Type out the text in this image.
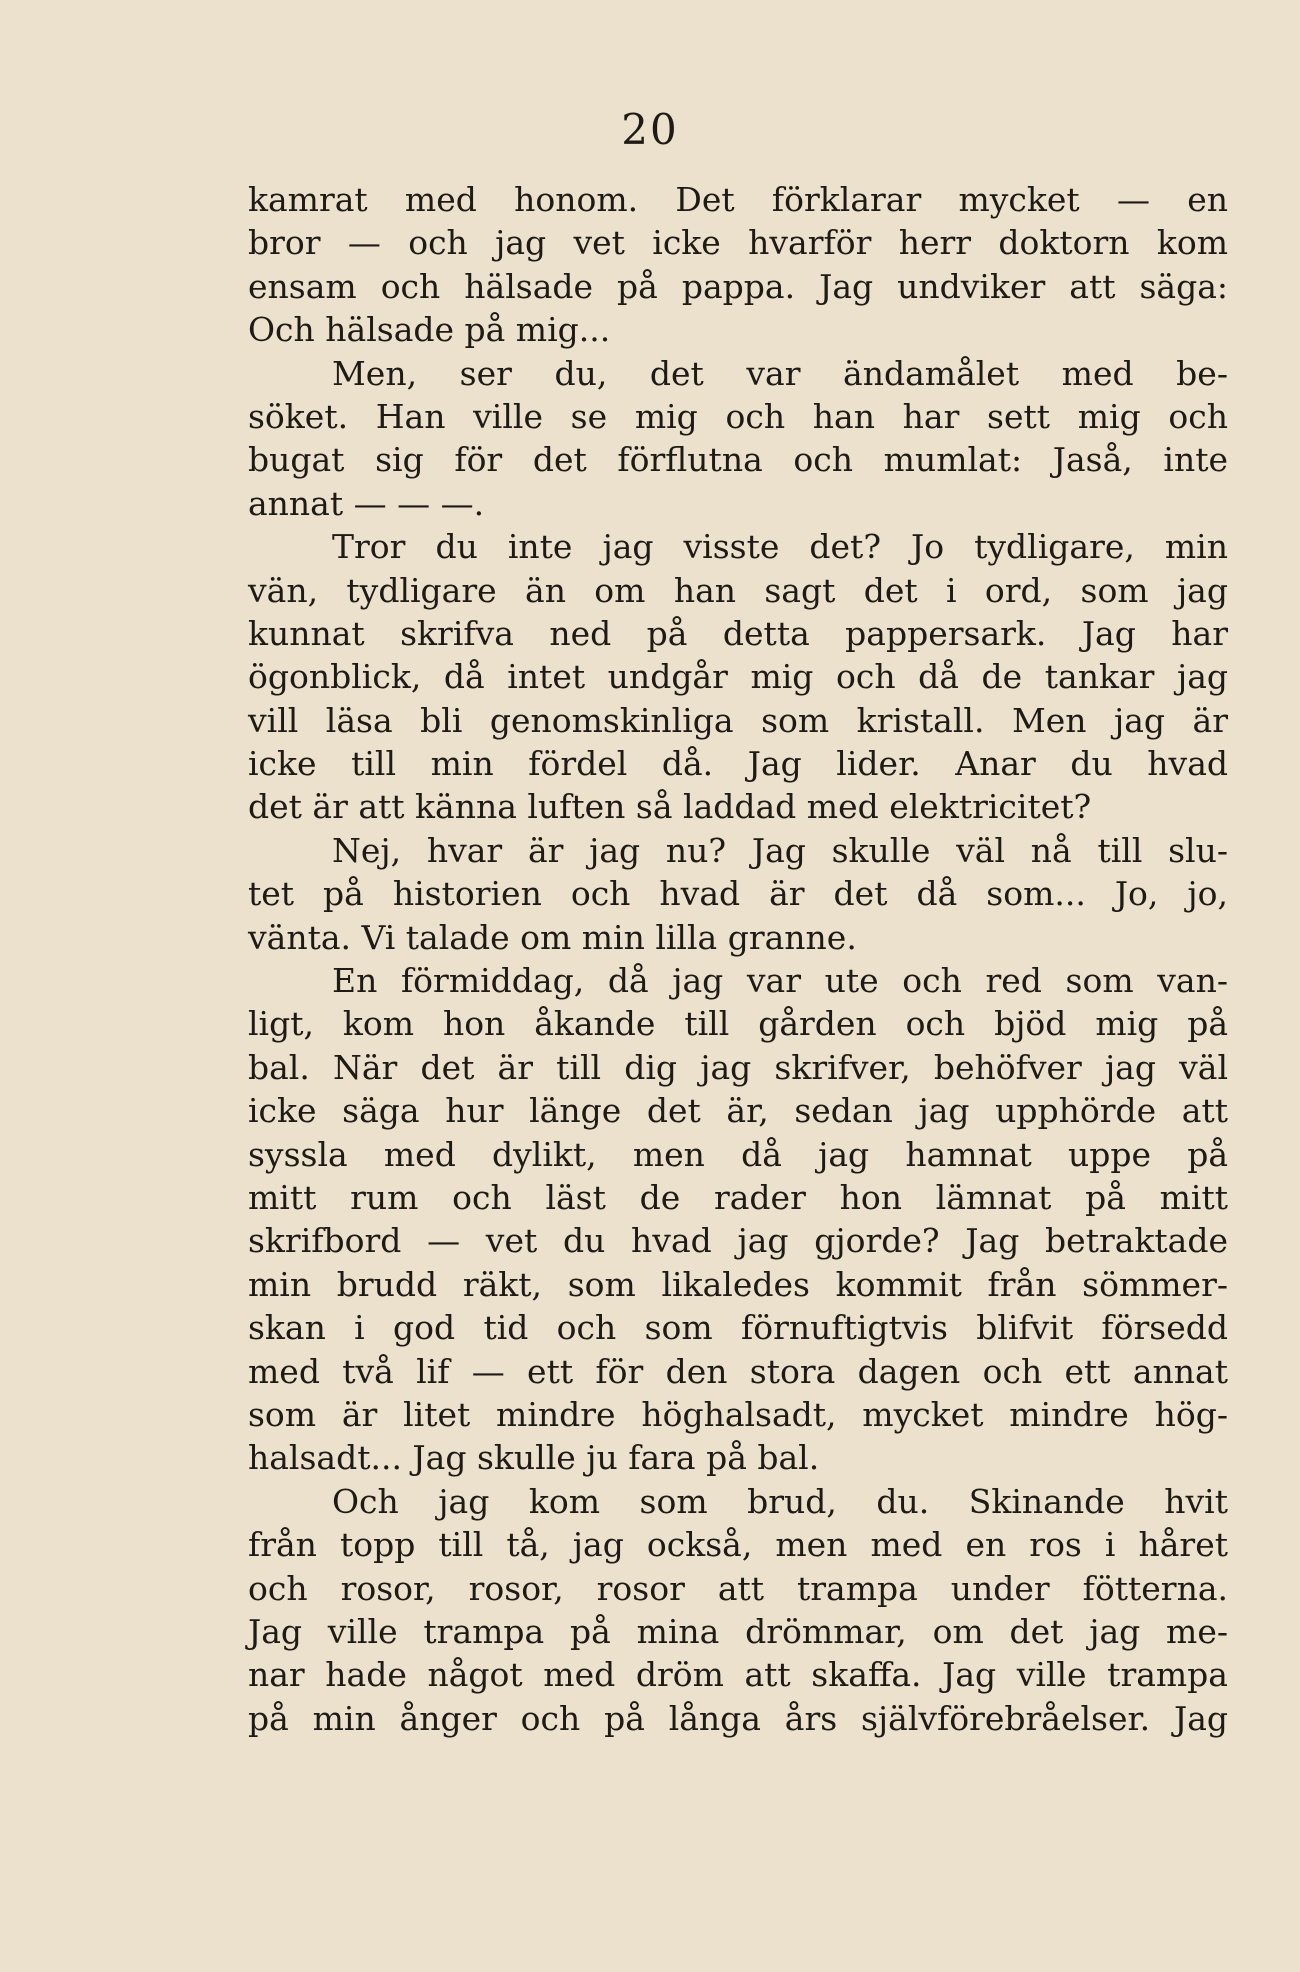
20
kamrat med honom. Det förklarar mycket — en
bror — och jag vet icke hvarför herr doktorn kom
ensam och hälsade på pappa. Jag undviker att säga:
Och hälsade på mig...
Men, ser du, det var ändamålet med be-
söket. Han ville se mig och han har sett mig och
bugat sig för det förflutna och mumlat: Jaså, inte
annat — — —.
Tror du inte jag visste det? Jo tydligare, min
vän, tydligare än om han sagt det i ord, som jag
kunnat skrifva ned på detta pappersark. Jag har
ögonblick, då intet undgår mig och då de tankar jag
vill läsa bli genomskinliga som kristall. Men jag är
icke till min fördel då. Jag lider. Anar du hvad
det är att känna luften så laddad med elektricitet?
Nej, hvar är jag nu? Jag skulle väl nå till slu-
tet på historien och hvad är det då som... Jo, jo,
vänta. Vi talade om min lilla granne.
En förmiddag, då jag var ute och red som van-
ligt, kom hon åkande till gården och bjöd mig på
bal. När det är till dig jag skrifver, behöfver jag väl
icke säga hur länge det är, sedan jag upphörde att
syssla med dylikt, men då jag hamnat uppe på
mitt rum och läst de rader hon lämnat på mitt
skrifbord — vet du hvad jag gjorde? Jag betraktade
min brudd räkt, som likaledes kommit från sömmer-
skan i god tid och som förnuftigtvis blifvit försedd
med två lif — ett för den stora dagen och ett annat
som är litet mindre höghalsadt, mycket mindre hög-
halsadt... Jag skulle ju fara på bal.
Och jag kom som brud, du. Skinande hvit
från topp till tå, jag också, men med en ros i håret
och rosor, rosor, rosor att trampa under fötterna.
Jag ville trampa på mina drömmar, om det jag me-
nar hade något med dröm att skaffa. Jag ville trampa
på min ånger och på långa års självförebråelser. Jag
